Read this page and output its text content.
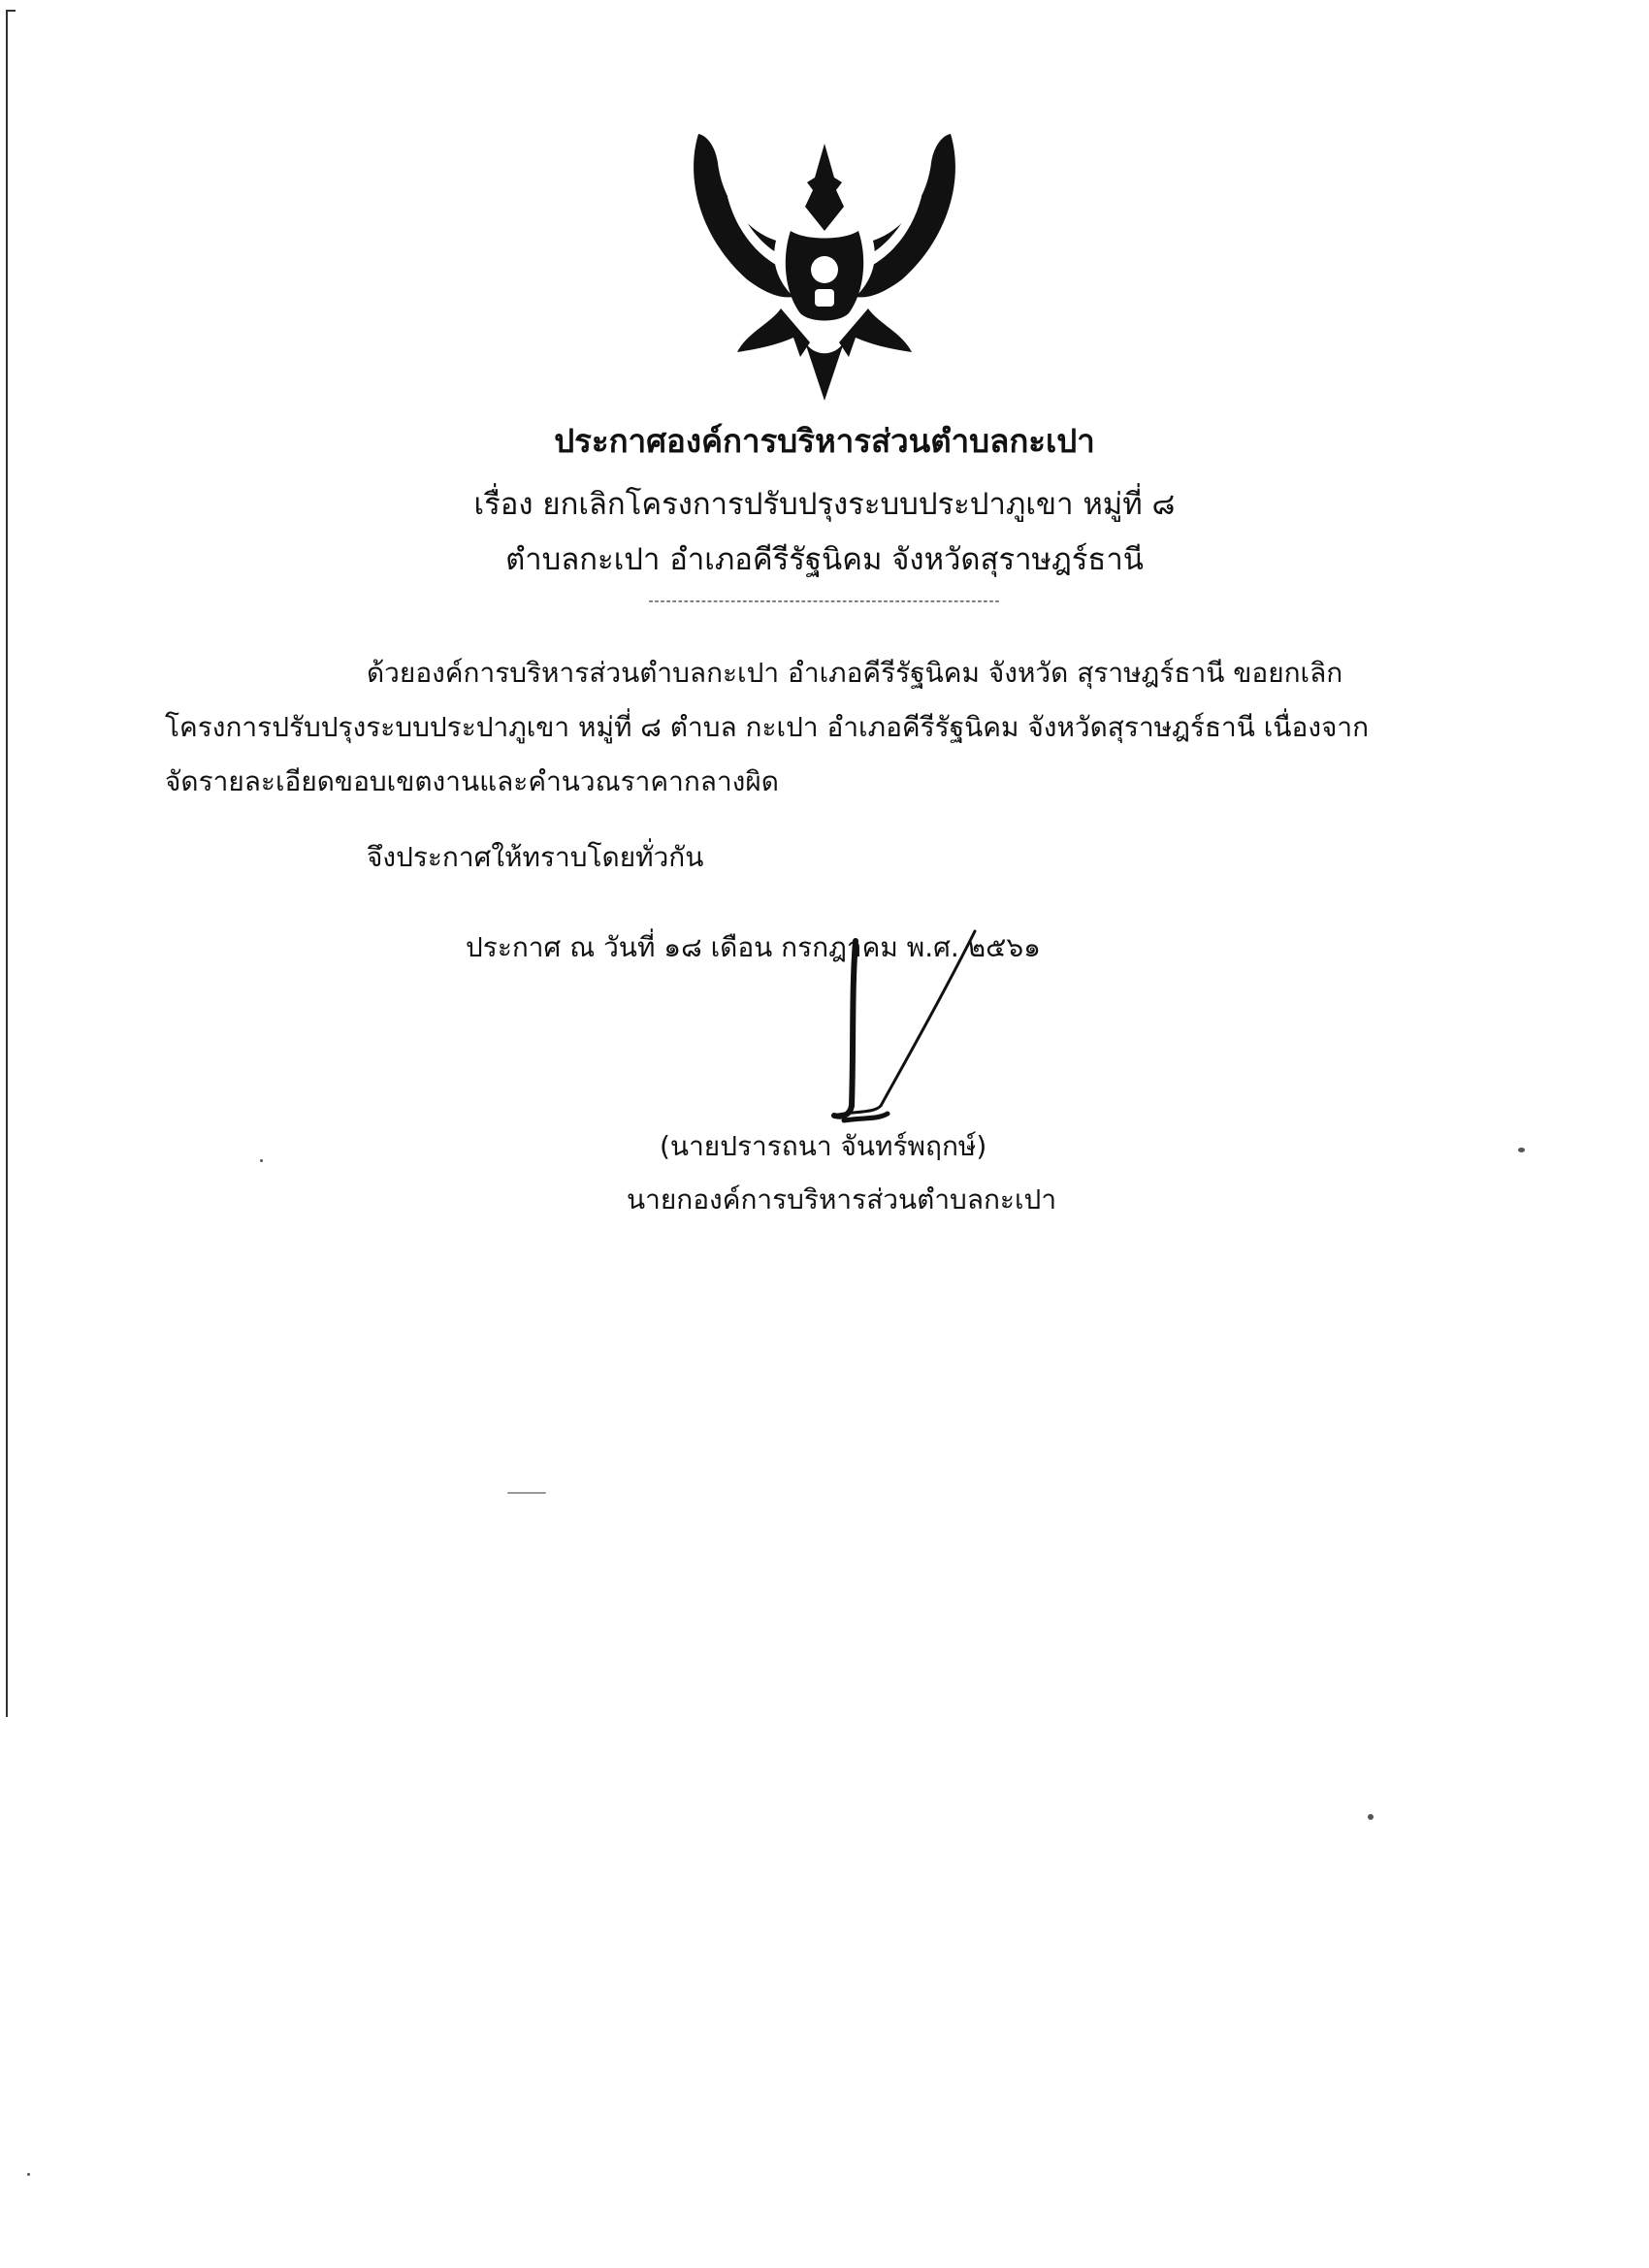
ประกาศองค์การบริหารส่วนตำบลกะเปา
เรื่อง ยกเลิกโครงการปรับปรุงระบบประปาภูเขา หมู่ที่ ๘
ตำบลกะเปา อำเภอคีรีรัฐนิคม จังหวัดสุราษฎร์ธานี
------------------------------------------------------------
ด้วยองค์การบริหารส่วนตำบลกะเปา อำเภอคีรีรัฐนิคม จังหวัด สุราษฎร์ธานี ขอยกเลิก
โครงการปรับปรุงระบบประปาภูเขา หมู่ที่ ๘ ตำบล กะเปา อำเภอคีรีรัฐนิคม จังหวัดสุราษฎร์ธานี เนื่องจาก
จัดรายละเอียดขอบเขตงานและคำนวณราคากลางผิด
จึงประกาศให้ทราบโดยทั่วกัน
ประกาศ ณ วันที่ ๑๘ เดือน กรกฎาคม พ.ศ. ๒๕๖๑
(นายปรารถนา จันทร์พฤกษ์)
นายกองค์การบริหารส่วนตำบลกะเปา
